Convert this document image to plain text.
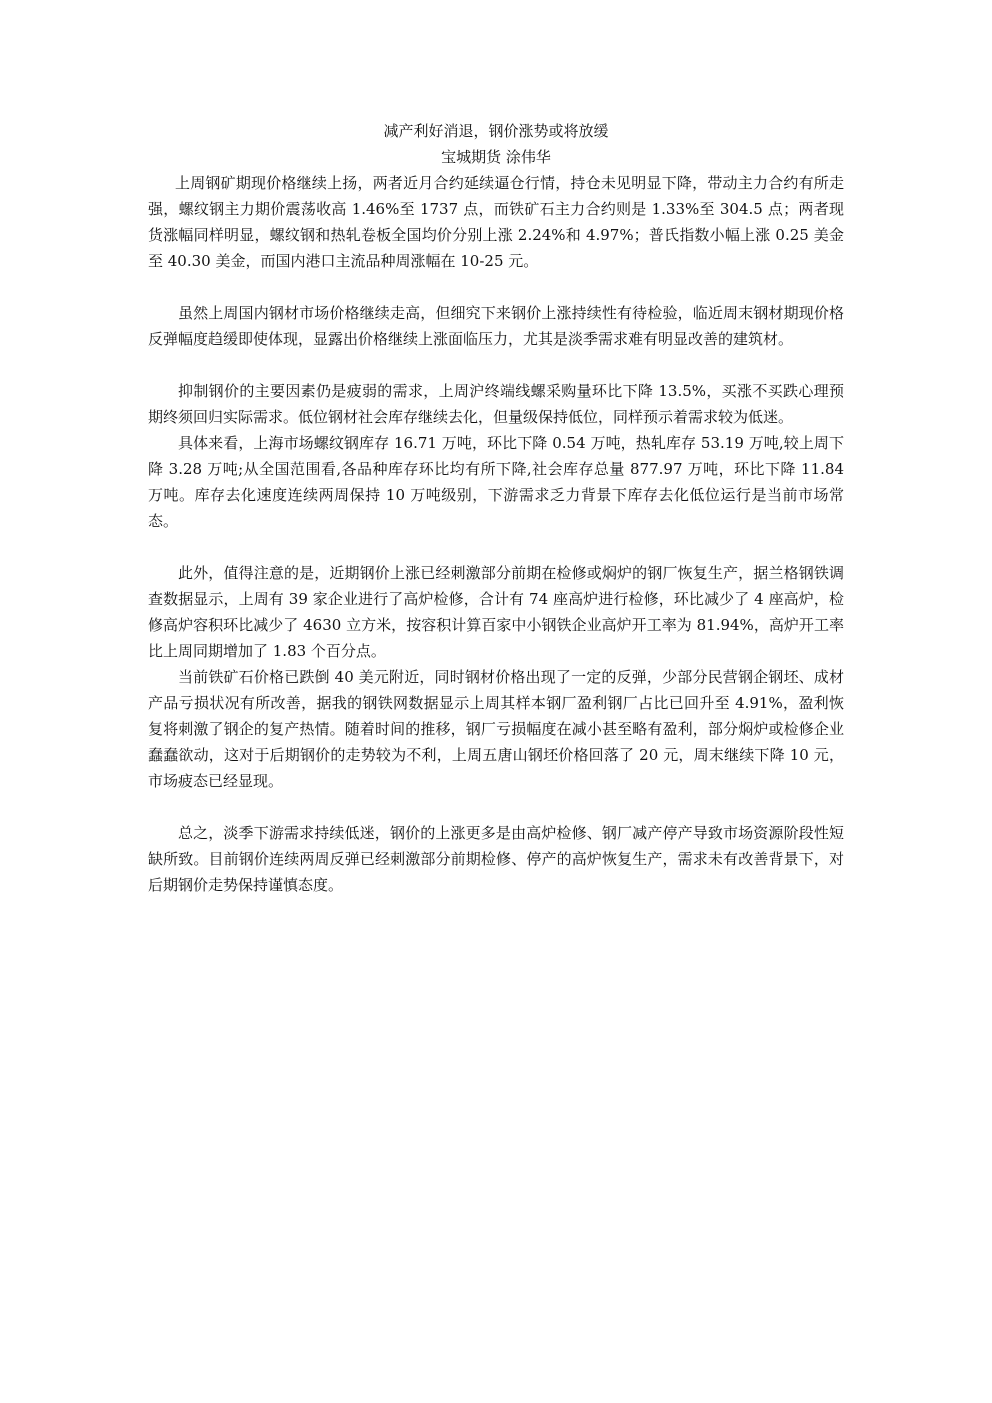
减产利好消退，钢价涨势或将放缓

宝城期货 涂伟华

上周钢矿期现价格继续上扬，两者近月合约延续逼仓行情，持仓未见明显下降，带动主力合约有所走强，螺纹钢主力期价震荡收高 1.46%至 1737 点，而铁矿石主力合约则是 1.33%至 304.5 点；两者现货涨幅同样明显，螺纹钢和热轧卷板全国均价分别上涨 2.24%和 4.97%；普氏指数小幅上涨 0.25 美金至 40.30 美金，而国内港口主流品种周涨幅在 10-25 元。

虽然上周国内钢材市场价格继续走高，但细究下来钢价上涨持续性有待检验，临近周末钢材期现价格反弹幅度趋缓即使体现，显露出价格继续上涨面临压力，尤其是淡季需求难有明显改善的建筑材。

抑制钢价的主要因素仍是疲弱的需求，上周沪终端线螺采购量环比下降 13.5%，买涨不买跌心理预期终须回归实际需求。低位钢材社会库存继续去化，但量级保持低位，同样预示着需求较为低迷。

具体来看，上海市场螺纹钢库存 16.71 万吨，环比下降 0.54 万吨，热轧库存 53.19 万吨,较上周下降 3.28 万吨;从全国范围看,各品种库存环比均有所下降,社会库存总量 877.97 万吨，环比下降 11.84 万吨。库存去化速度连续两周保持 10 万吨级别，下游需求乏力背景下库存去化低位运行是当前市场常态。

此外，值得注意的是，近期钢价上涨已经刺激部分前期在检修或焖炉的钢厂恢复生产，据兰格钢铁调查数据显示，上周有 39 家企业进行了高炉检修，合计有 74 座高炉进行检修，环比减少了 4 座高炉，检修高炉容积环比减少了 4630 立方米，按容积计算百家中小钢铁企业高炉开工率为 81.94%，高炉开工率比上周同期增加了 1.83 个百分点。

当前铁矿石价格已跌倒 40 美元附近，同时钢材价格出现了一定的反弹，少部分民营钢企钢坯、成材产品亏损状况有所改善，据我的钢铁网数据显示上周其样本钢厂盈利钢厂占比已回升至 4.91%，盈利恢复将刺激了钢企的复产热情。随着时间的推移，钢厂亏损幅度在减小甚至略有盈利，部分焖炉或检修企业蠢蠢欲动，这对于后期钢价的走势较为不利，上周五唐山钢坯价格回落了 20 元，周末继续下降 10 元，市场疲态已经显现。

总之，淡季下游需求持续低迷，钢价的上涨更多是由高炉检修、钢厂减产停产导致市场资源阶段性短缺所致。目前钢价连续两周反弹已经刺激部分前期检修、停产的高炉恢复生产，需求未有改善背景下，对后期钢价走势保持谨慎态度。
